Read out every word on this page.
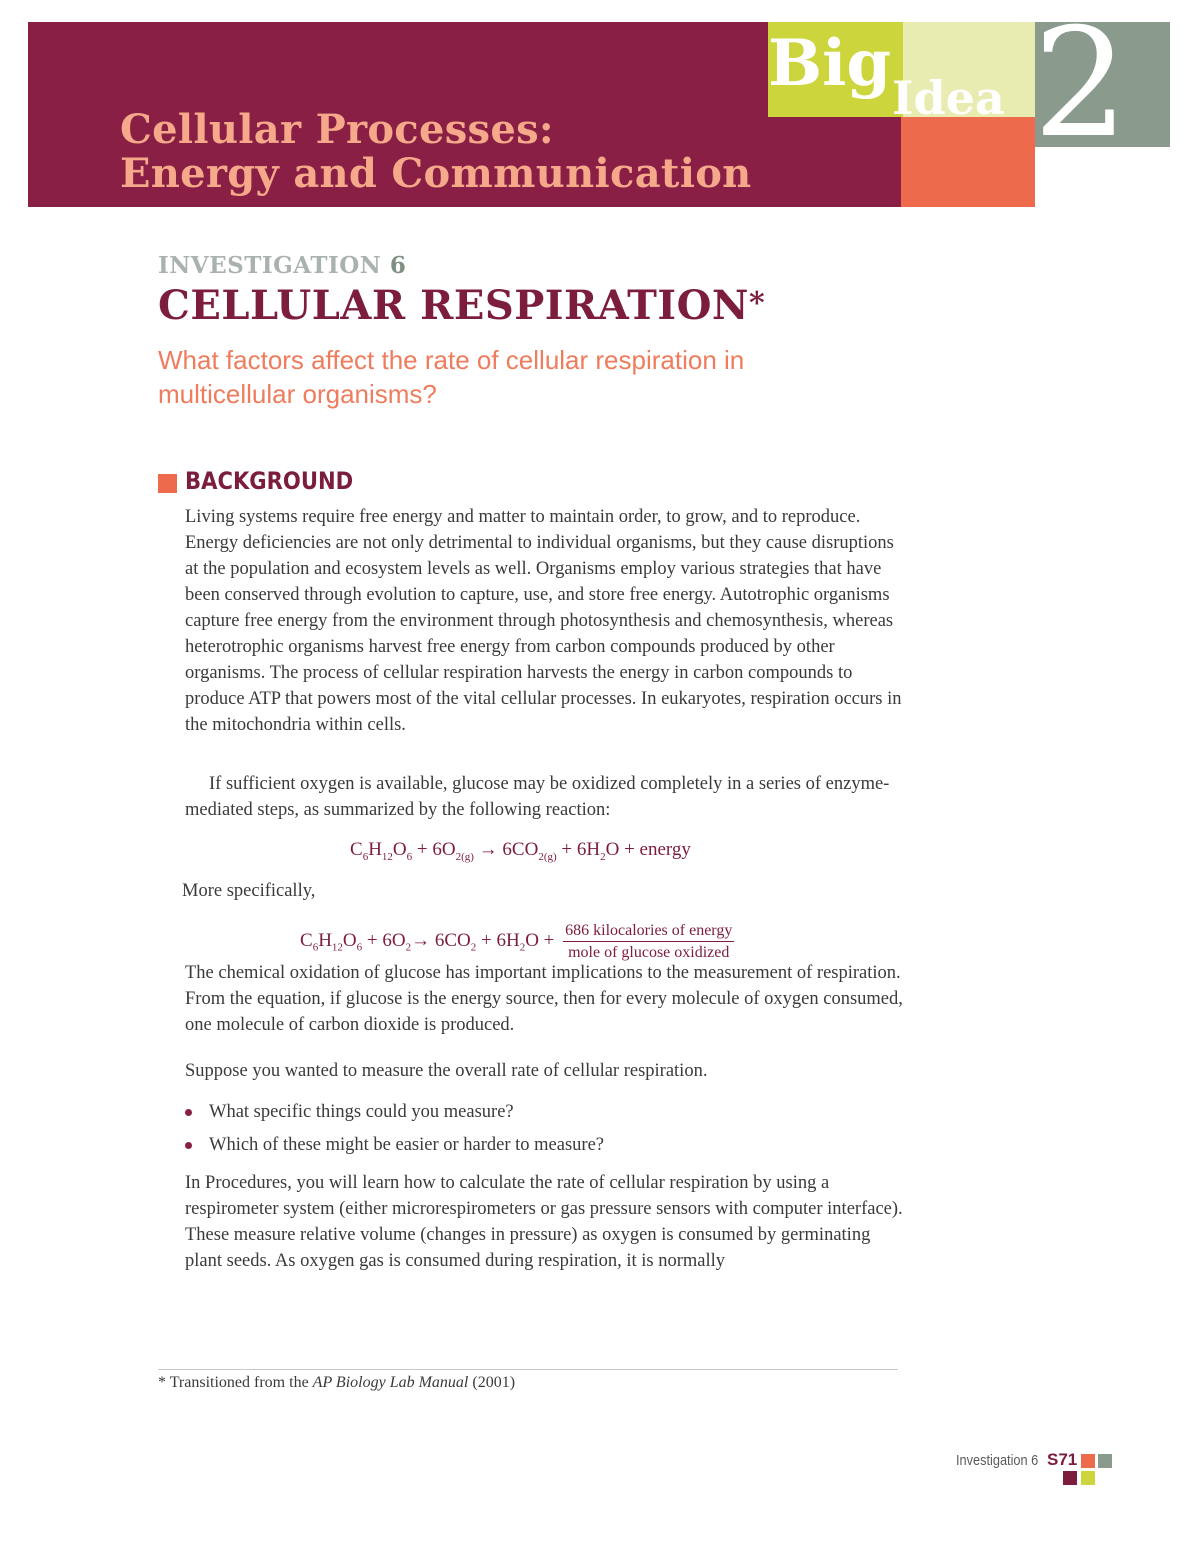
Cellular Processes:
Energy and Communication
Big Idea 2
INVESTIGATION 6
CELLULAR RESPIRATION*

What factors affect the rate of cellular respiration in multicellular organisms?

BACKGROUND

Living systems require free energy and matter to maintain order, to grow, and to reproduce. Energy deficiencies are not only detrimental to individual organisms, but they cause disruptions at the population and ecosystem levels as well. Organisms employ various strategies that have been conserved through evolution to capture, use, and store free energy. Autotrophic organisms capture free energy from the environment through photosynthesis and chemosynthesis, whereas heterotrophic organisms harvest free energy from carbon compounds produced by other organisms. The process of cellular respiration harvests the energy in carbon compounds to produce ATP that powers most of the vital cellular processes. In eukaryotes, respiration occurs in the mitochondria within cells.

If sufficient oxygen is available, glucose may be oxidized completely in a series of enzyme-mediated steps, as summarized by the following reaction:

$C_6H_{12}O_6 + 6O_{2(g)} \to 6CO_{2(g)} + 6H_2O$ + energy

More specifically,

$C_6H_{12}O_6 + 6O_2\to 6CO_2 + 6H_2O + \frac{\text{686 kilocalories of energy}}{\text{mole of glucose oxidized}}$

The chemical oxidation of glucose has important implications to the measurement of respiration. From the equation, if glucose is the energy source, then for every molecule of oxygen consumed, one molecule of carbon dioxide is produced.

Suppose you wanted to measure the overall rate of cellular respiration.

What specific things could you measure?
Which of these might be easier or harder to measure?

In Procedures, you will learn how to calculate the rate of cellular respiration by using a respirometer system (either microrespirometers or gas pressure sensors with computer interface). These measure relative volume (changes in pressure) as oxygen is consumed by germinating plant seeds. As oxygen gas is consumed during respiration, it is normally

* Transitioned from the AP Biology Lab Manual (2001)

Investigation 6 S71
